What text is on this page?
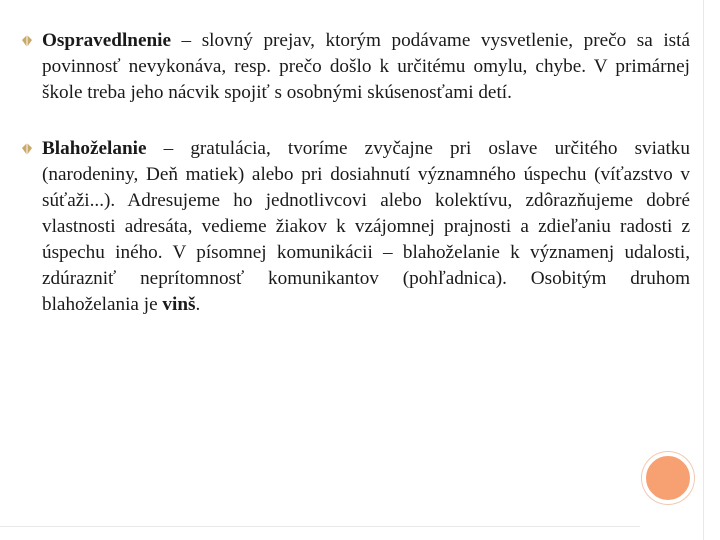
Ospravedlnenie – slovný prejav, ktorým podávame vysvetlenie, prečo sa istá povinnosť nevykonáva, resp. prečo došlo k určitému omylu, chybe. V primárnej škole treba jeho nácvik spojiť s osobnými skúsenosťami detí.
Blahoželanie – gratulácia, tvoríme zvyčajne pri oslave určitého sviatku (narodeniny, Deň matiek) alebo pri dosiahnutí významného úspechu (víťazstvo v súťaži...). Adresujeme ho jednotlivcovi alebo kolektívu, zdôrazňujeme dobré vlastnosti adresáta, vedieme žiakov k vzájomnej prajnosti a zdieľaniu radosti z úspechu iného. V písomnej komunikácii – blahoželanie k významenj udalosti, zdúrazniť neprítomnosť komunikantov (pohľadnica). Osobitým druhom blahoželania je vinš.
